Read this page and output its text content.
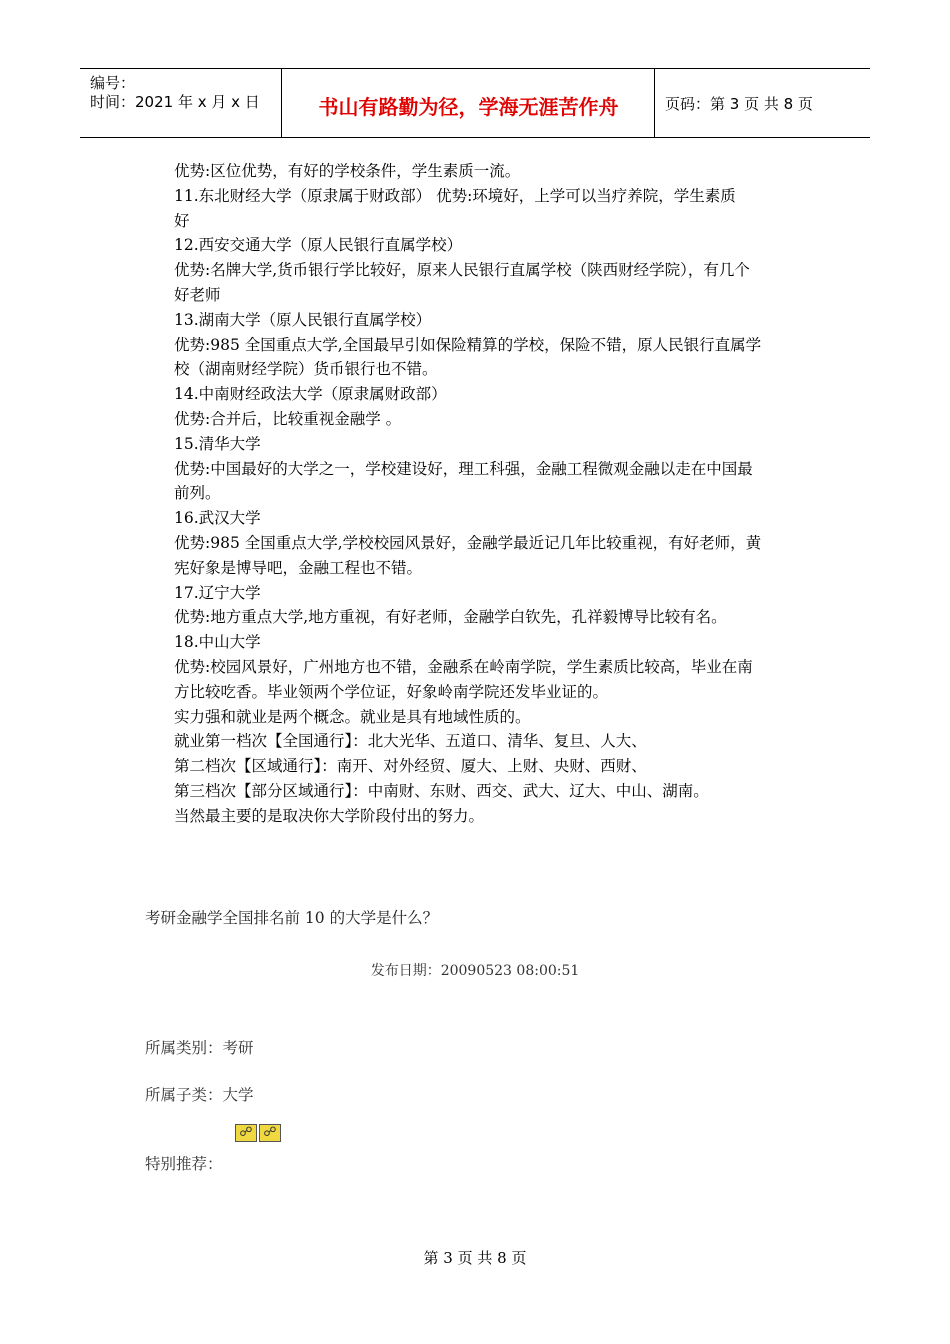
编号：
时间：2021 年 x 月 x 日	书山有路勤为径，学海无涯苦作舟	页码：第 3 页 共 8 页

优势:区位优势，有好的学校条件，学生素质一流。

11.东北财经大学（原隶属于财政部） 优势:环境好，上学可以当疗养院，学生素质

好

12.西安交通大学（原人民银行直属学校）

优势:名牌大学,货币银行学比较好，原来人民银行直属学校（陕西财经学院），有几个

好老师

13.湖南大学（原人民银行直属学校）

优势:985 全国重点大学,全国最早引如保险精算的学校，保险不错，原人民银行直属学

校（湖南财经学院）货币银行也不错。

14.中南财经政法大学（原隶属财政部）

优势:合并后，比较重视金融学 。

15.清华大学

优势:中国最好的大学之一，学校建设好，理工科强，金融工程微观金融以走在中国最

前列。

16.武汉大学

优势:985 全国重点大学,学校校园风景好，金融学最近记几年比较重视，有好老师，黄

宪好象是博导吧，金融工程也不错。

17.辽宁大学

优势:地方重点大学,地方重视，有好老师，金融学白钦先，孔祥毅博导比较有名。

18.中山大学

优势:校园风景好，广州地方也不错，金融系在岭南学院，学生素质比较高，毕业在南

方比较吃香。毕业领两个学位证，好象岭南学院还发毕业证的。

实力强和就业是两个概念。就业是具有地域性质的。

就业第一档次【全国通行】：北大光华、五道口、清华、复旦、人大、

第二档次【区域通行】：南开、对外经贸、厦大、上财、央财、西财、

第三档次【部分区域通行】：中南财、东财、西交、武大、辽大、中山、湖南。

当然最主要的是取决你大学阶段付出的努力。

考研金融学全国排名前 10 的大学是什么？
发布日期：20090523 08:00:51
所属类别：考研
所属子类：大学
☍ ☍
特别推荐：
第 3 页 共 8 页
